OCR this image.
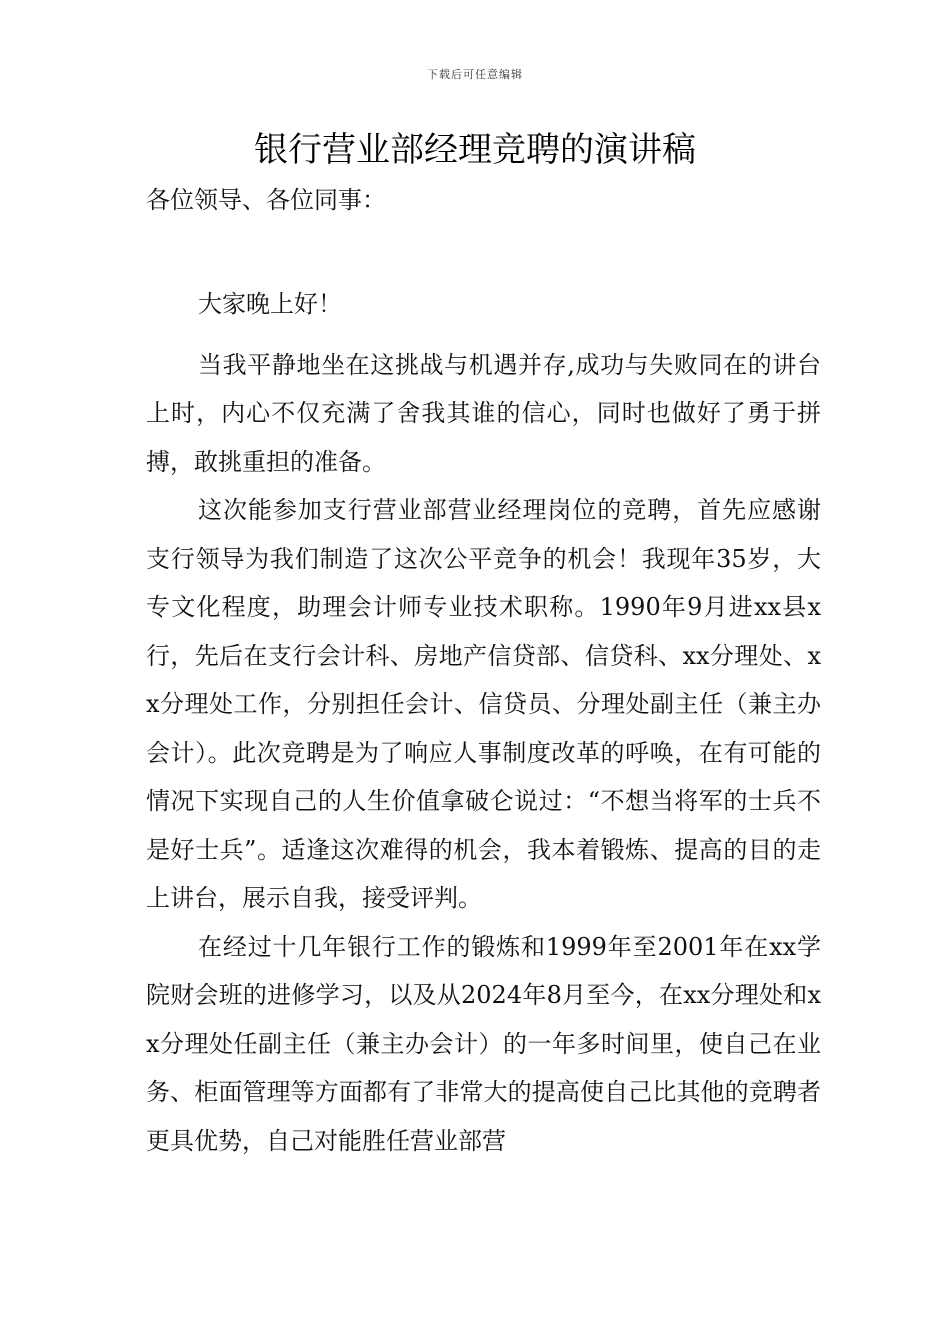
下载后可任意编辑
银行营业部经理竞聘的演讲稿

各位领导、各位同事：

大家晚上好！

当我平静地坐在这挑战与机遇并存,成功与失败同在的讲台上时，内心不仅充满了舍我其谁的信心，同时也做好了勇于拼搏，敢挑重担的准备。

这次能参加支行营业部营业经理岗位的竞聘，首先应感谢支行领导为我们制造了这次公平竞争的机会！我现年35岁，大专文化程度，助理会计师专业技术职称。1990年9月进xx县x行，先后在支行会计科、房地产信贷部、信贷科、xx分理处、xx分理处工作，分别担任会计、信贷员、分理处副主任（兼主办会计）。此次竞聘是为了响应人事制度改革的呼唤，在有可能的情况下实现自己的人生价值拿破仑说过：“不想当将军的士兵不是好士兵”。适逢这次难得的机会，我本着锻炼、提高的目的走上讲台，展示自我，接受评判。

在经过十几年银行工作的锻炼和1999年至2001年在xx学院财会班的进修学习，以及从2024年8月至今，在xx分理处和xx分理处任副主任（兼主办会计）的一年多时间里，使自己在业务、柜面管理等方面都有了非常大的提高使自己比其他的竞聘者更具优势，自己对能胜任营业部营
